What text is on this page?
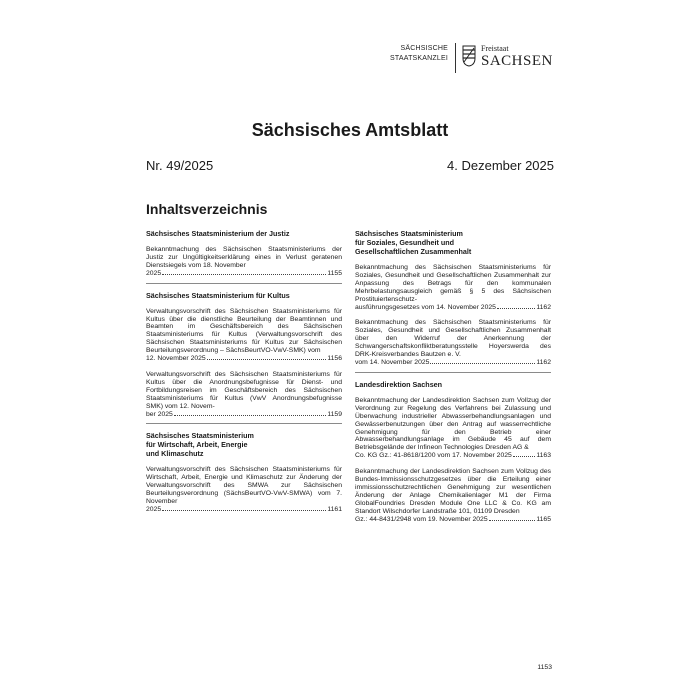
SÄCHSISCHE
STAATSKANZLEI
Freistaat
SACHSEN
Sächsisches Amtsblatt
Nr. 49/2025	4. Dezember 2025
Inhaltsverzeichnis
Sächsisches Staatsministerium der Justiz
Bekanntmachung des Sächsischen Staatsministeriums der Justiz zur Ungültigkeitserklärung eines in Verlust geratenen Dienstsiegels vom 18. November
2025	1155
Sächsisches Staatsministerium für Kultus
Verwaltungsvorschrift des Sächsischen Staatsministeriums für Kultus über die dienstliche Beurteilung der Beamtinnen und Beamten im Geschäftsbereich des Sächsischen Staatsministeriums für Kultus (Verwaltungsvorschrift des Sächsischen Staatsministeriums für Kultus zur Sächsischen Beurteilungsverordnung – SächsBeurtVO-VwV-SMK) vom
12. November 2025	1156
Verwaltungsvorschrift des Sächsischen Staatsministeriums für Kultus über die Anordnungsbefugnisse für Dienst- und Fortbildungsreisen im Geschäftsbereich des Sächsischen Staatsministeriums für Kultus (VwV Anordnungsbefugnisse SMK) vom 12. Novem-
ber 2025	1159
Sächsisches Staatsministerium
für Wirtschaft, Arbeit, Energie
und Klimaschutz
Verwaltungsvorschrift des Sächsischen Staatsministeriums für Wirtschaft, Arbeit, Energie und Klimaschutz zur Änderung der Verwaltungsvorschrift des SMWA zur Sächsischen Beurteilungsverordnung (SächsBeurtVO-VwV-SMWA) vom 7. November
2025	1161
Sächsisches Staatsministerium
für Soziales, Gesundheit und
Gesellschaftlichen Zusammenhalt
Bekanntmachung des Sächsischen Staatsministeriums für Soziales, Gesundheit und Gesellschaftlichen Zusammenhalt zur Anpassung des Betrags für den kommunalen Mehrbelastungsausgleich gemäß § 5 des Sächsischen Prostituiertenschutz-
ausführungsgesetzes vom 14. November 2025	1162
Bekanntmachung des Sächsischen Staatsministeriums für Soziales, Gesundheit und Gesellschaftlichen Zusammenhalt über den Widerruf der Anerkennung der Schwangerschaftskonfliktberatungsstelle Hoyerswerda des DRK-Kreisverbandes Bautzen e. V.
vom 14. November 2025	1162
Landesdirektion Sachsen
Bekanntmachung der Landesdirektion Sachsen zum Vollzug der Verordnung zur Regelung des Verfahrens bei Zulassung und Überwachung industrieller Abwasserbehandlungsanlagen und Gewässerbenutzungen über den Antrag auf wasserrechtliche Genehmigung für den Betrieb einer Abwasserbehandlungsanlage im Gebäude 45 auf dem Betriebsgelände der Infineon Technologies Dresden AG &
Co. KG Gz.: 41-8618/1200 vom 17. November 2025	1163
Bekanntmachung der Landesdirektion Sachsen zum Vollzug des Bundes-Immissionsschutzgesetzes über die Erteilung einer immissionsschutzrechtlichen Genehmigung zur wesentlichen Änderung der Anlage Chemikalienlager M1 der Firma GlobalFoundries Dresden Module One LLC & Co. KG am Standort Wilschdorfer Landstraße 101, 01109 Dresden
Gz.: 44-8431/2948 vom 19. November 2025	1165
1153
